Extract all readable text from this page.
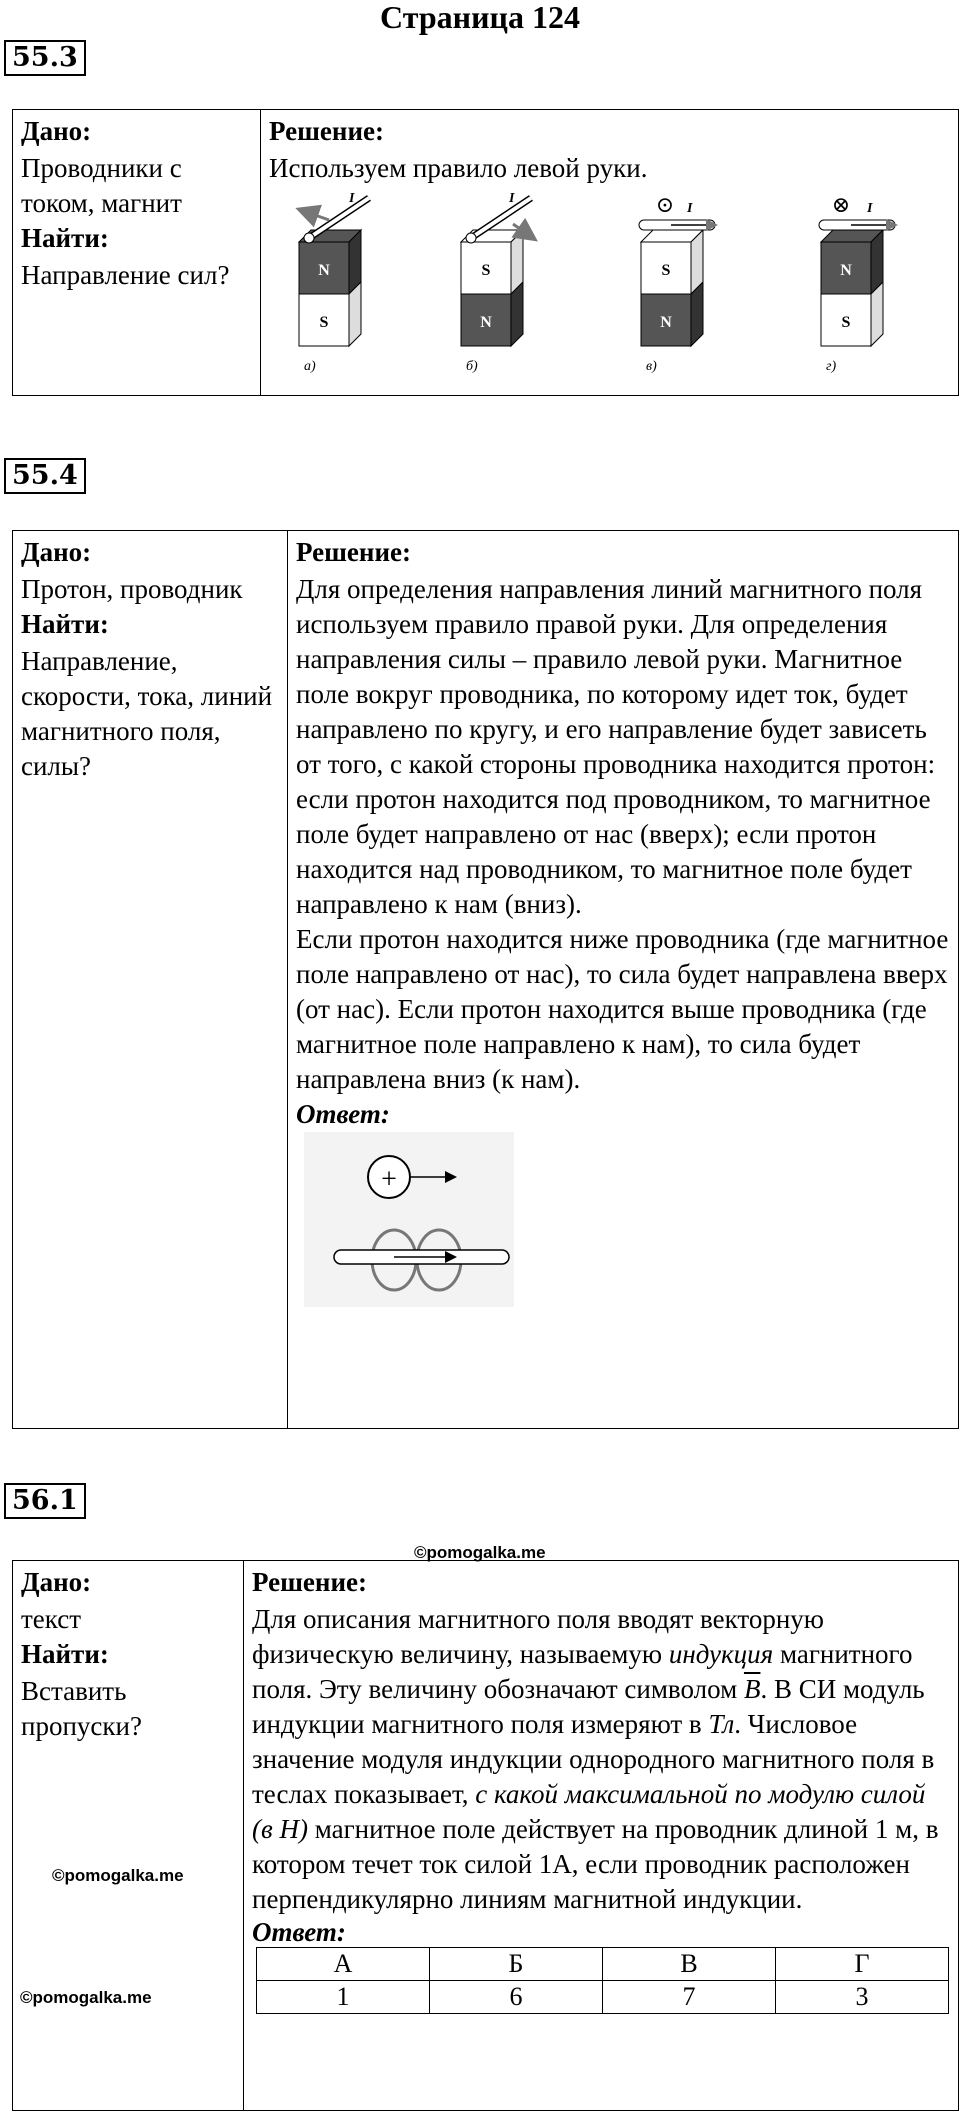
Страница 124
55.3
Дано:
Проводники с током, магнит
Найти:
Направление сил?

Решение:
Используем правило левой руки.
N
S
I
а)
S
N
I
б)
S
N
⊙ I
в)
N
S
⊗ I
г)
55.4
Дано:
Протон, проводник
Найти:
Направление, скорости, тока, линий магнитного поля, силы?

Решение:
Для определения направления линий магнитного поля используем правило правой руки. Для определения направления силы – правило левой руки. Магнитное поле вокруг проводника, по которому идет ток, будет направлено по кругу, и его направление будет зависеть от того, с какой стороны проводника находится протон: если протон находится под проводником, то магнитное поле будет направлено от нас (вверх); если протон находится над проводником, то магнитное поле будет направлено к нам (вниз).
Если протон находится ниже проводника (где магнитное поле направлено от нас), то сила будет направлена вверх (от нас). Если протон находится выше проводника (где магнитное поле направлено к нам), то сила будет направлена вниз (к нам).
Ответ:
+
56.1
©pomogalka.me
Дано:
текст
Найти:
Вставить пропуски?

Решение:
Для описания магнитного поля вводят векторную физическую величину, называемую индукция магнитного поля. Эту величину обозначают символом $\overline{B}$. В СИ модуль индукции магнитного поля измеряют в Тл. Числовое значение модуля индукции однородного магнитного поля в теслах показывает, с какой максимальной по модулю силой (в Н) магнитное поле действует на проводник длиной 1 м, в котором течет ток силой 1А, если проводник расположен перпендикулярно линиям магнитной индукции.
Ответ:
А	Б	В	Г
1	6	7	3
©pomogalka.me
©pomogalka.me
